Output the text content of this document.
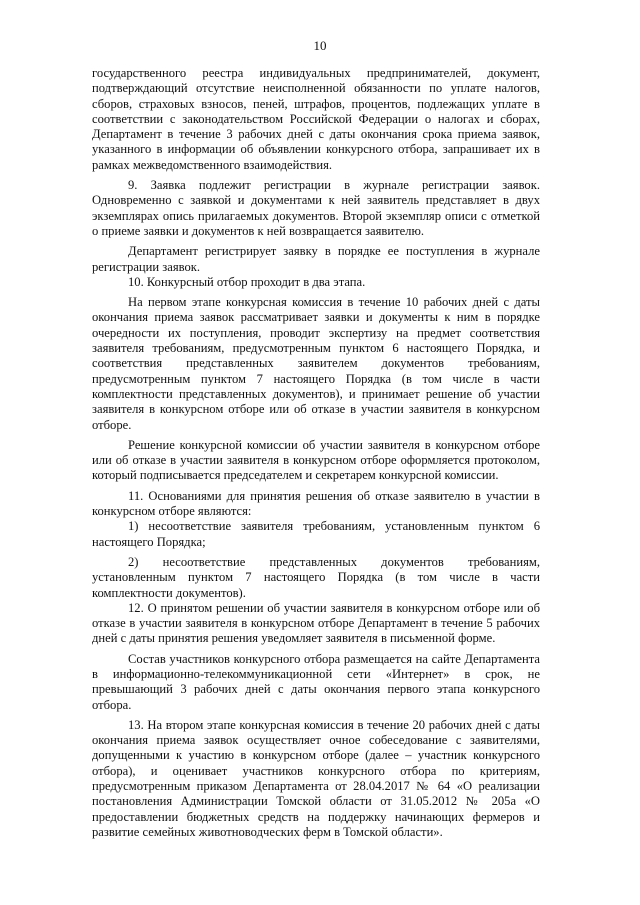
10

государственного реестра индивидуальных предпринимателей, документ, подтверждающий отсутствие неисполненной обязанности по уплате налогов, сборов, страховых взносов, пеней, штрафов, процентов, подлежащих уплате в соответствии с законодательством Российской Федерации о налогах и сборах, Департамент в течение 3 рабочих дней с даты окончания срока приема заявок, указанного в информации об объявлении конкурсного отбора, запрашивает их в рамках межведомственного взаимодействия.

9. Заявка подлежит регистрации в журнале регистрации заявок. Одновременно с заявкой и документами к ней заявитель представляет в двух экземплярах опись прилагаемых документов. Второй экземпляр описи с отметкой о приеме заявки и документов к ней возвращается заявителю.

Департамент регистрирует заявку в порядке ее поступления в журнале регистрации заявок.

10. Конкурсный отбор проходит в два этапа.

На первом этапе конкурсная комиссия в течение 10 рабочих дней с даты окончания приема заявок рассматривает заявки и документы к ним в порядке очередности их поступления, проводит экспертизу на предмет соответствия заявителя требованиям, предусмотренным пунктом 6 настоящего Порядка, и соответствия представленных заявителем документов требованиям, предусмотренным пунктом 7 настоящего Порядка (в том числе в части комплектности представленных документов), и принимает решение об участии заявителя в конкурсном отборе или об отказе в участии заявителя в конкурсном отборе.

Решение конкурсной комиссии об участии заявителя в конкурсном отборе или об отказе в участии заявителя в конкурсном отборе оформляется протоколом, который подписывается председателем и секретарем конкурсной комиссии.

11. Основаниями для принятия решения об отказе заявителю в участии в конкурсном отборе являются:

1) несоответствие заявителя требованиям, установленным пунктом 6 настоящего Порядка;

2) несоответствие представленных документов требованиям, установленным пунктом 7 настоящего Порядка (в том числе в части комплектности документов).

12. О принятом решении об участии заявителя в конкурсном отборе или об отказе в участии заявителя в конкурсном отборе Департамент в течение 5 рабочих дней с даты принятия решения уведомляет заявителя в письменной форме.

Состав участников конкурсного отбора размещается на сайте Департамента в информационно-телекоммуникационной сети «Интернет» в срок, не превышающий 3 рабочих дней с даты окончания первого этапа конкурсного отбора.

13. На втором этапе конкурсная комиссия в течение 20 рабочих дней с даты окончания приема заявок осуществляет очное собеседование с заявителями, допущенными к участию в конкурсном отборе (далее – участник конкурсного отбора), и оценивает участников конкурсного отбора по критериям, предусмотренным приказом Департамента от 28.04.2017 № 64 «О реализации постановления Администрации Томской области от 31.05.2012 № 205а «О предоставлении бюджетных средств на поддержку начинающих фермеров и развитие семейных животноводческих ферм в Томской области».
